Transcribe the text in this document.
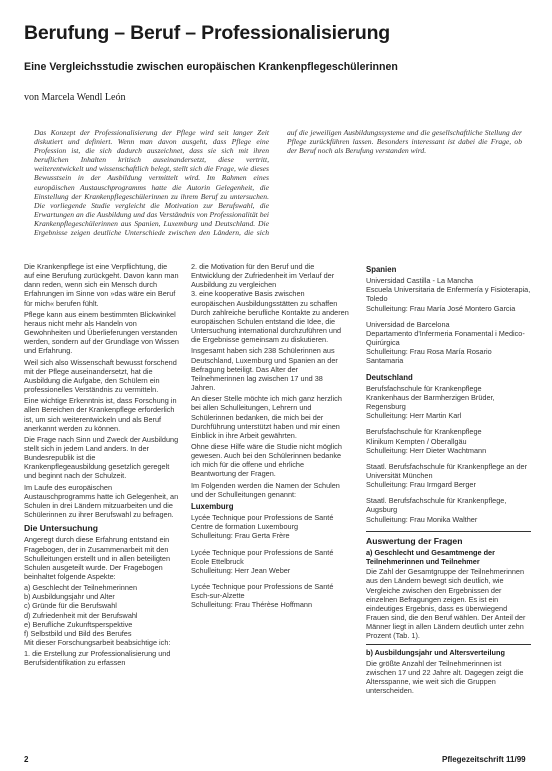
Berufung – Beruf – Professionalisierung
Eine Vergleichsstudie zwischen europäischen Krankenpflegeschülerinnen
von Marcela Wendl León
Das Konzept der Professionalisierung der Pflege wird seit langer Zeit diskutiert und definiert. Wenn man davon ausgeht, dass Pflege eine Profession ist, die sich dadurch auszeichnet, dass sie sich mit ihren beruflichen Inhalten kritisch auseinandersetzt, diese vertritt, weiterentwickelt und wissenschaftlich belegt, stellt sich die Frage, wie dieses Bewusstsein in der Ausbildung vermittelt wird. Im Rahmen eines europäischen Austauschprogramms hatte die Autorin Gelegenheit, die Einstellung der Krankenpflegeschülerinnen zu ihrem Beruf zu untersuchen. Die vorliegende Studie vergleicht die Motivation zur Berufswahl, die Erwartungen an die Ausbildung und das Verständnis von Professionalität bei Krankenpflegeschülerinnen aus Spanien, Luxemburg und Deutschland. Die Ergebnisse zeigen deutliche Unterschiede zwischen den Ländern, die sich auf die jeweiligen Ausbildungssysteme und die gesellschaftliche Stellung der Pflege zurückführen lassen. Besonders interessant ist dabei die Frage, ob der Beruf noch als Berufung verstanden wird.

Die Krankenpflege ist eine Verpflichtung, die auf eine Berufung zurückgeht. Davon kann man dann reden, wenn sich ein Mensch durch Erfahrungen im Sinne von »das wäre ein Beruf für mich« berufen fühlt.

Pflege kann aus einem bestimmten Blickwinkel heraus nicht mehr als Handeln von Gewohnheiten und Überlieferungen verstanden werden, sondern auf der Grundlage von Wissen und Erfahrung.

Weil sich also Wissenschaft bewusst forschend mit der Pflege auseinandersetzt, hat die Ausbildung die Aufgabe, den Schülern ein professionelles Verständnis zu vermitteln.

Eine wichtige Erkenntnis ist, dass Forschung in allen Bereichen der Krankenpflege erforderlich ist, um sich weiterentwickeln und als Beruf anerkannt werden zu können.

Die Frage nach Sinn und Zweck der Ausbildung stellt sich in jedem Land anders. In der Bundesrepublik ist die Krankenpflegeausbildung gesetzlich geregelt und beginnt nach der Schulzeit.

Im Laufe des europäischen Austauschprogramms hatte ich Gelegenheit, an Schulen in drei Ländern mitzuarbeiten und die Schülerinnen zu ihrer Berufswahl zu befragen.

Die Untersuchung

Angeregt durch diese Erfahrung entstand ein Fragebogen, der in Zusammenarbeit mit den Schulleitungen erstellt und in allen beteiligten Schulen ausgeteilt wurde. Der Fragebogen beinhaltet folgende Aspekte:

a) Geschlecht der Teilnehmerinnen
b) Ausbildungsjahr und Alter
c) Gründe für die Berufswahl
d) Zufriedenheit mit der Berufswahl
e) Berufliche Zukunftsperspektive
f) Selbstbild und Bild des Berufes

Mit dieser Forschungsarbeit beabsichtige ich:

1. die Erstellung zur Professionalisierung und Berufsidentifikation zu erfassen
2. die Motivation für den Beruf und die Entwicklung der Zufriedenheit im Verlauf der Ausbildung zu vergleichen
3. eine kooperative Basis zwischen europäischen Ausbildungsstätten zu schaffen

Durch zahlreiche berufliche Kontakte zu anderen europäischen Schulen entstand die Idee, die Untersuchung international durchzuführen und die Ergebnisse gemeinsam zu diskutieren.

Insgesamt haben sich 238 Schülerinnen aus Deutschland, Luxemburg und Spanien an der Befragung beteiligt. Das Alter der Teilnehmerinnen lag zwischen 17 und 38 Jahren.

An dieser Stelle möchte ich mich ganz herzlich bei allen Schulleitungen, Lehrern und Schülerinnen bedanken, die mich bei der Durchführung unterstützt haben und mir einen Einblick in ihre Arbeit gewährten.

Ohne diese Hilfe wäre die Studie nicht möglich gewesen. Auch bei den Schülerinnen bedanke ich mich für die offene und ehrliche Beantwortung der Fragen.

Im Folgenden werden die Namen der Schulen und der Schulleitungen genannt:

Luxemburg
Lycée Technique pour Professions de Santé
Centre de formation Luxembourg
Schulleitung: Frau Gerta Frère
Lycée Technique pour Professions de Santé
Ecole Ettelbruck
Schulleitung: Herr Jean Weber
Lycée Technique pour Professions de Santé
Esch-sur-Alzette
Schulleitung: Frau Thérèse Hoffmann
Spanien
Universidad Castilla - La Mancha
Escuela Universitaria de Enfermería y Fisioterapia, Toledo
Schulleitung: Frau María José Montero Garcia
Universidad de Barcelona
Departamento d'Infermeria Fonamental i Medico-Quirúrgica
Schulleitung: Frau Rosa María Rosario Santamaria
Deutschland
Berufsfachschule für Krankenpflege
Krankenhaus der Barmherzigen Brüder, Regensburg
Schulleitung: Herr Martin Karl
Berufsfachschule für Krankenpflege
Klinikum Kempten / Oberallgäu
Schulleitung: Herr Dieter Wachtmann
Staatl. Berufsfachschule für Krankenpflege an der Universität München
Schulleitung: Frau Irmgard Berger
Staatl. Berufsfachschule für Krankenpflege, Augsburg
Schulleitung: Frau Monika Walther
Auswertung der Fragen
a) Geschlecht und Gesamtmenge der Teilnehmerinnen und Teilnehmer

Die Zahl der Gesamtgruppe der Teilnehmerinnen aus den Ländern bewegt sich deutlich, wie Vergleiche zwischen den Ergebnissen der einzelnen Befragungen zeigen. Es ist ein eindeutiges Ergebnis, dass es überwiegend Frauen sind, die den Beruf wählen. Der Anteil der Männer liegt in allen Ländern deutlich unter zehn Prozent (Tab. 1).

b) Ausbildungsjahr und Altersverteilung

Die größte Anzahl der Teilnehmerinnen ist zwischen 17 und 22 Jahre alt. Dagegen zeigt die Altersspanne, wie weit sich die Gruppen unterscheiden.

2	Pflegezeitschrift 11/99
